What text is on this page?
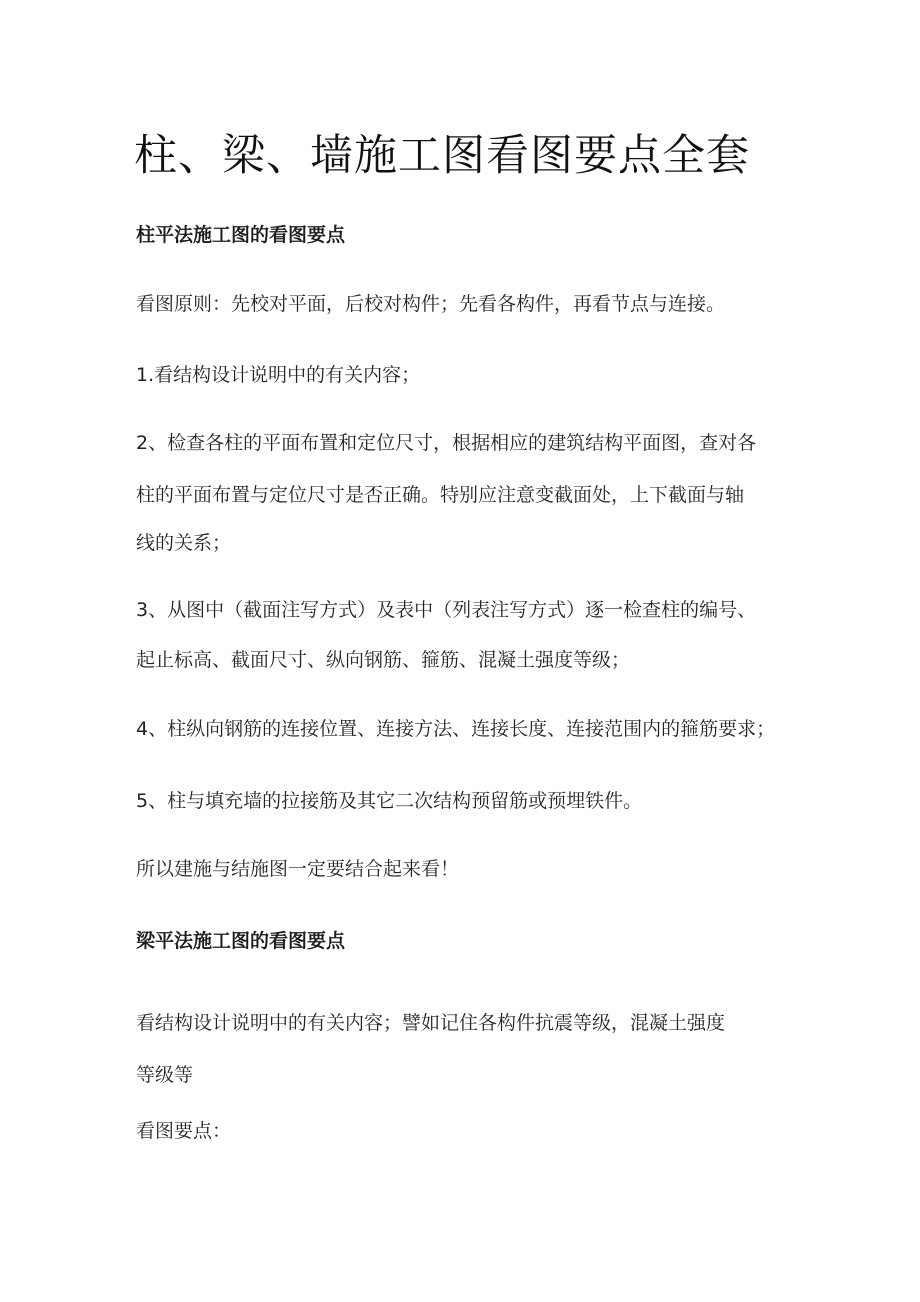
柱、梁、墙施工图看图要点全套

柱平法施工图的看图要点

看图原则：先校对平面，后校对构件；先看各构件，再看节点与连接。

1.看结构设计说明中的有关内容；

2、检查各柱的平面布置和定位尺寸，根据相应的建筑结构平面图，查对各

柱的平面布置与定位尺寸是否正确。特别应注意变截面处，上下截面与轴

线的关系；

3、从图中（截面注写方式）及表中（列表注写方式）逐一检查柱的编号、

起止标高、截面尺寸、纵向钢筋、箍筋、混凝土强度等级；

4、柱纵向钢筋的连接位置、连接方法、连接长度、连接范围内的箍筋要求；

5、柱与填充墙的拉接筋及其它二次结构预留筋或预埋铁件。

所以建施与结施图一定要结合起来看！

梁平法施工图的看图要点

看结构设计说明中的有关内容；譬如记住各构件抗震等级，混凝土强度

等级等

看图要点：
